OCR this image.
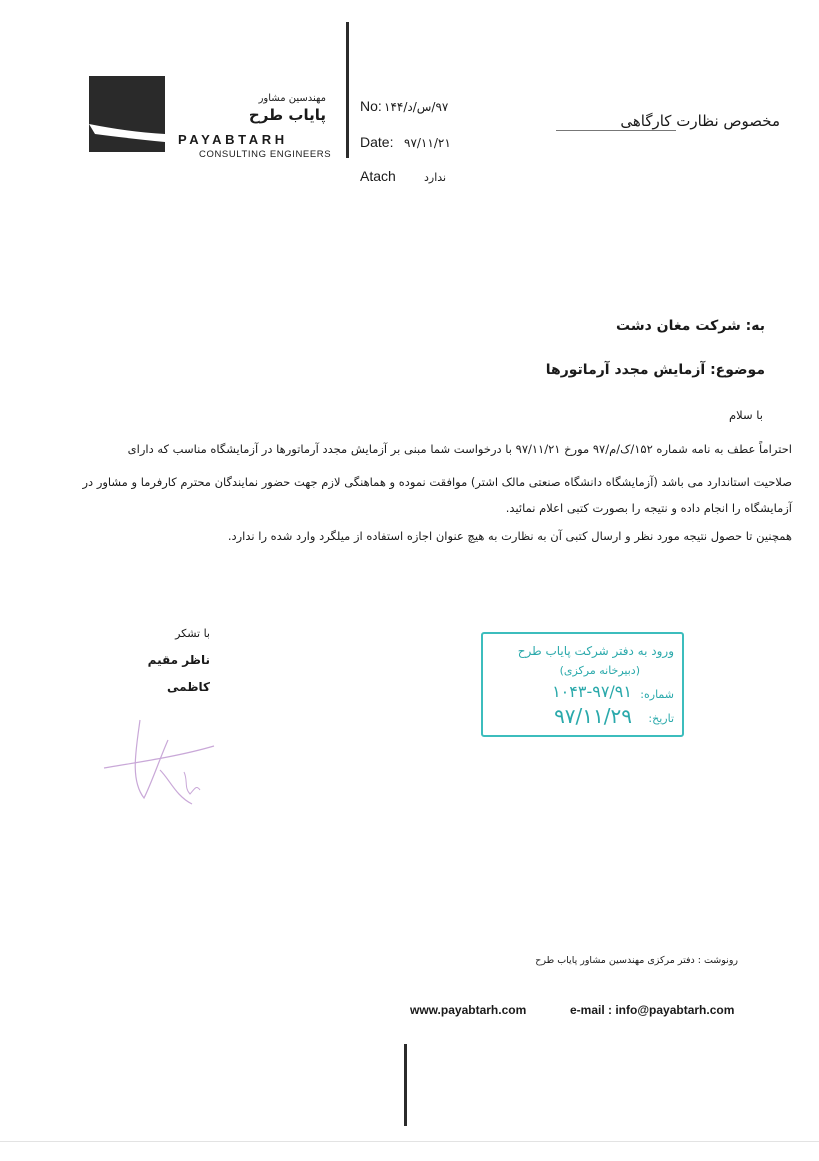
مهندسین مشاور
پایاب طرح
PAYABTARH
CONSULTING ENGINEERS
No: ۹۷/س/د/۱۴۴
Date: ۹۷/۱۱/۲۱
Atach	ندارد
مخصوص نظارت کارگاهی
به: شرکت مغان دشت
موضوع: آزمایش مجدد آرماتورها
با سلام
احتراماً عطف به نامه شماره ۱۵۲/ک/م/۹۷ مورخ ۹۷/۱۱/۲۱ با درخواست شما مبنی بر آزمایش مجدد آرماتورها در آزمایشگاه مناسب که دارای
صلاحیت استاندارد می باشد (آزمایشگاه دانشگاه صنعتی مالک اشتر) موافقت نموده و هماهنگی لازم جهت حضور نمایندگان محترم کارفرما و مشاور در
آزمایشگاه را انجام داده و نتیجه را بصورت کتبی اعلام نمائید.
همچنین تا حصول نتیجه مورد نظر و ارسال کتبی آن به نظارت به هیچ عنوان اجازه استفاده از میلگرد وارد شده را ندارد.
با تشکر
ناظر مقیم
کاظمی
ورود به دفتر شرکت پایاب طرح
(دبیرخانه مرکزی)
شماره:
۱۰۴۳-۹۷/۹۱
تاریخ:
۹۷/۱۱/۲۹
رونوشت : دفتر مرکزی مهندسین مشاور پایاب طرح
www.payabtarh.com	e-mail : info@payabtarh.com
